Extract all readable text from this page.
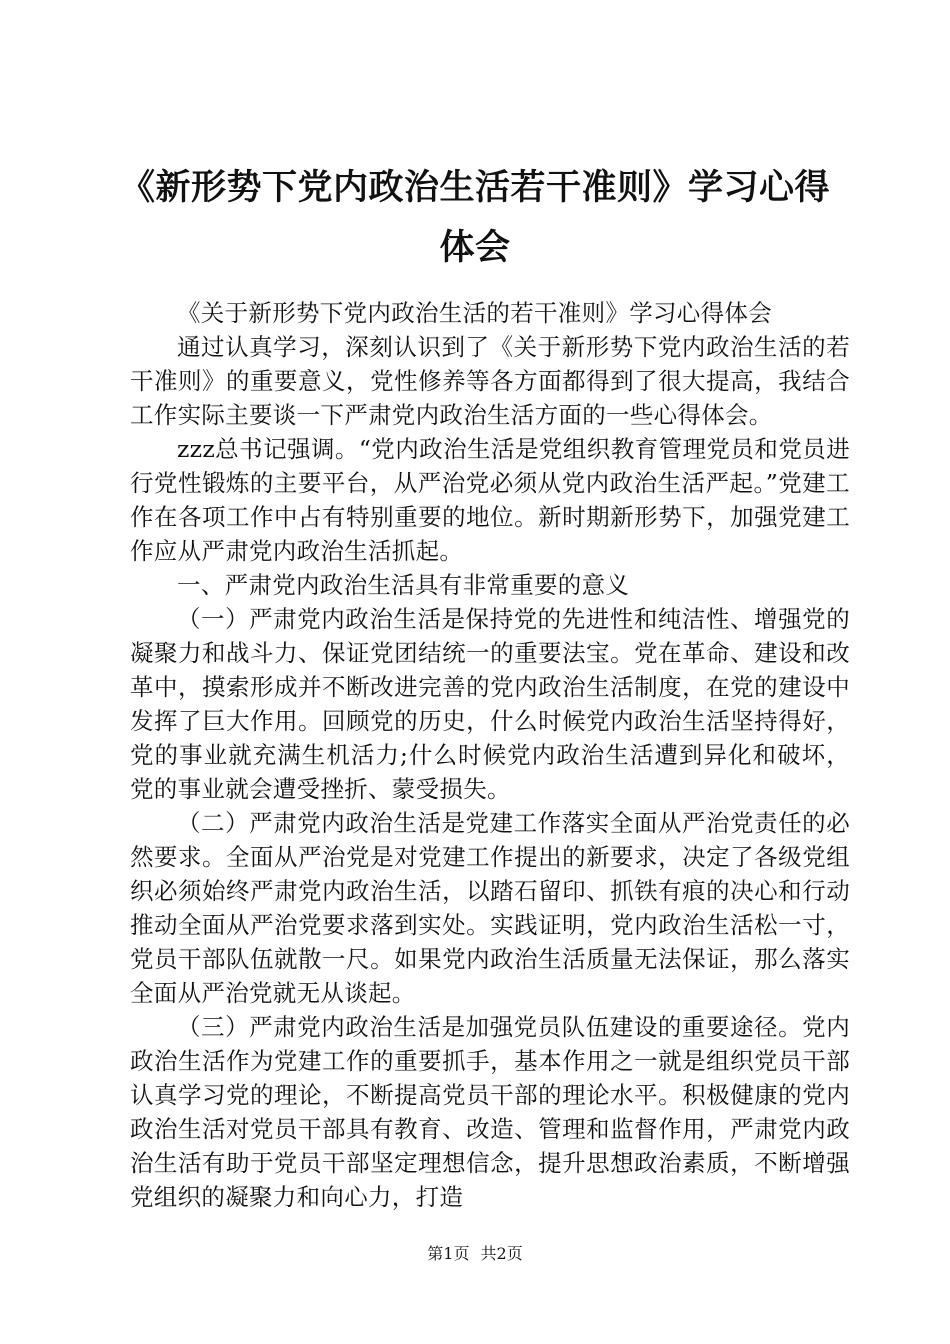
《新形势下党内政治生活若干准则》学习心得体会

《关于新形势下党内政治生活的若干准则》学习心得体会

通过认真学习，深刻认识到了《关于新形势下党内政治生活的若干准则》的重要意义，党性修养等各方面都得到了很大提高，我结合工作实际主要谈一下严肃党内政治生活方面的一些心得体会。

zzz总书记强调。“党内政治生活是党组织教育管理党员和党员进行党性锻炼的主要平台，从严治党必须从党内政治生活严起。”党建工作在各项工作中占有特别重要的地位。新时期新形势下，加强党建工作应从严肃党内政治生活抓起。

一、严肃党内政治生活具有非常重要的意义

（一）严肃党内政治生活是保持党的先进性和纯洁性、增强党的凝聚力和战斗力、保证党团结统一的重要法宝。党在革命、建设和改革中，摸索形成并不断改进完善的党内政治生活制度，在党的建设中发挥了巨大作用。回顾党的历史，什么时候党内政治生活坚持得好，党的事业就充满生机活力;什么时候党内政治生活遭到异化和破坏，党的事业就会遭受挫折、蒙受损失。

（二）严肃党内政治生活是党建工作落实全面从严治党责任的必然要求。全面从严治党是对党建工作提出的新要求，决定了各级党组织必须始终严肃党内政治生活，以踏石留印、抓铁有痕的决心和行动推动全面从严治党要求落到实处。实践证明，党内政治生活松一寸，党员干部队伍就散一尺。如果党内政治生活质量无法保证，那么落实全面从严治党就无从谈起。

（三）严肃党内政治生活是加强党员队伍建设的重要途径。党内政治生活作为党建工作的重要抓手，基本作用之一就是组织党员干部认真学习党的理论，不断提高党员干部的理论水平。积极健康的党内政治生活对党员干部具有教育、改造、管理和监督作用，严肃党内政治生活有助于党员干部坚定理想信念，提升思想政治素质，不断增强党组织的凝聚力和向心力，打造

第1页 共2页
